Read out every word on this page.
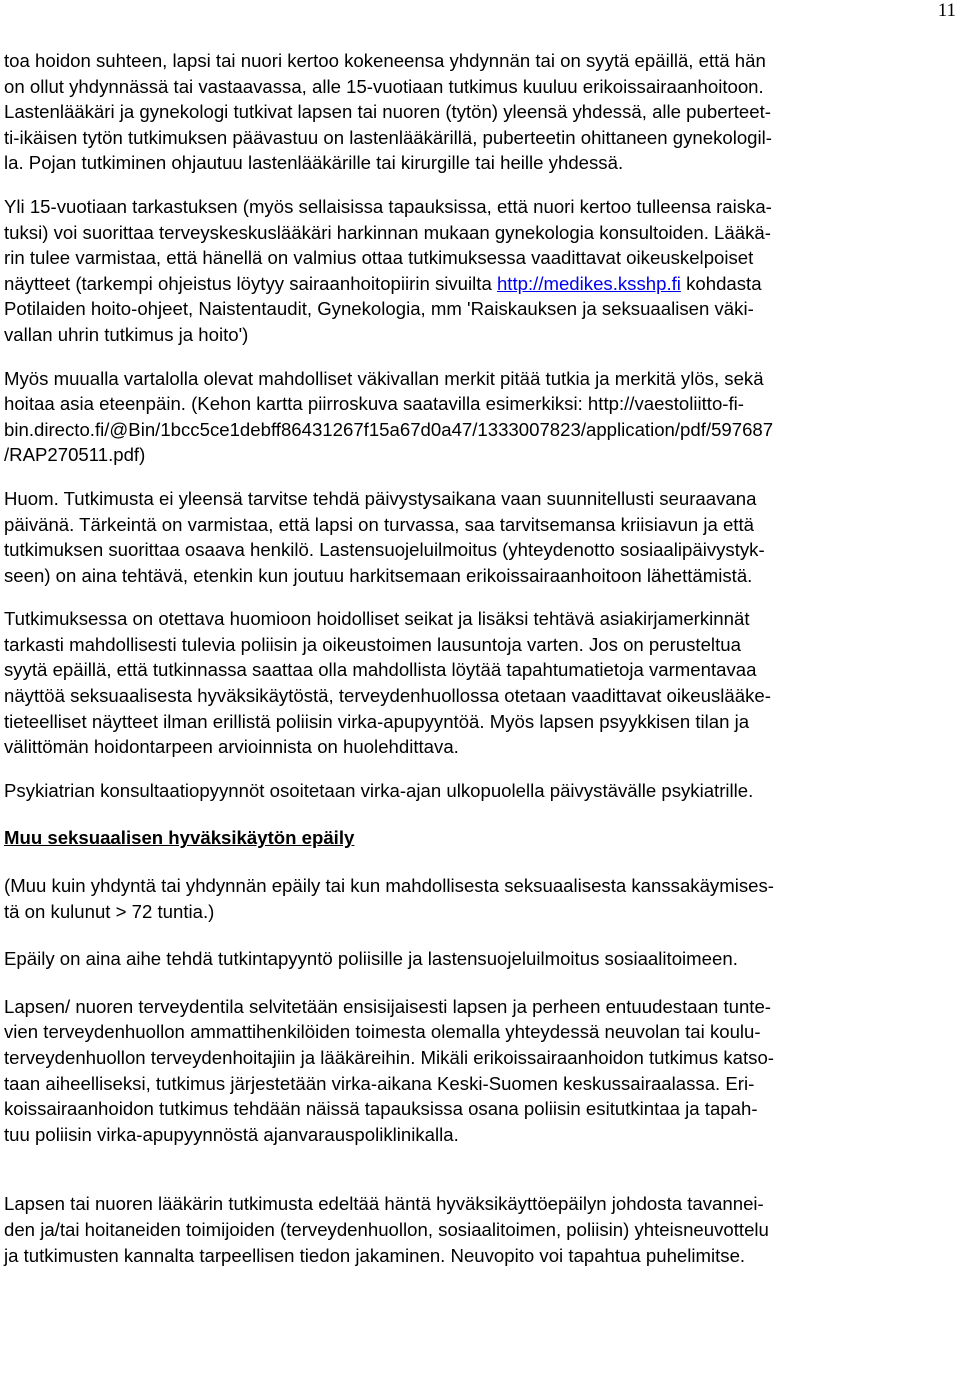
11
toa hoidon suhteen, lapsi tai nuori kertoo kokeneensa yhdynnän tai on syytä epäillä, että hän
on ollut yhdynnässä tai vastaavassa, alle 15-vuotiaan tutkimus kuuluu erikoissairaanhoitoon.
Lastenlääkäri ja gynekologi tutkivat lapsen tai nuoren (tytön) yleensä yhdessä, alle puberteet-
ti-ikäisen tytön tutkimuksen päävastuu on lastenlääkärillä, puberteetin ohittaneen gynekologil-
la. Pojan tutkiminen ohjautuu lastenlääkärille tai kirurgille tai heille yhdessä.
Yli 15-vuotiaan tarkastuksen (myös sellaisissa tapauksissa, että nuori kertoo tulleensa raiska-
tuksi) voi suorittaa terveyskeskuslääkäri harkinnan mukaan gynekologia konsultoiden. Lääkä-
rin tulee varmistaa, että hänellä on valmius ottaa tutkimuksessa vaadittavat oikeuskelpoiset
näytteet (tarkempi ohjeistus löytyy sairaanhoitopiirin sivuilta http://medikes.ksshp.fi kohdasta
Potilaiden hoito-ohjeet, Naistentaudit, Gynekologia, mm 'Raiskauksen ja seksuaalisen väki-
vallan uhrin tutkimus ja hoito')
Myös muualla vartalolla olevat mahdolliset väkivallan merkit pitää tutkia ja merkitä ylös, sekä
hoitaa asia eteenpäin. (Kehon kartta piirroskuva saatavilla esimerkiksi: http://vaestoliitto-fi-
bin.directo.fi/@Bin/1bcc5ce1debff86431267f15a67d0a47/1333007823/application/pdf/597687
/RAP270511.pdf)
Huom. Tutkimusta ei yleensä tarvitse tehdä päivystysaikana vaan suunnitellusti seuraavana
päivänä. Tärkeintä on varmistaa, että lapsi on turvassa, saa tarvitsemansa kriisiavun ja että
tutkimuksen suorittaa osaava henkilö. Lastensuojeluilmoitus (yhteydenotto sosiaalipäivystyk-
seen) on aina tehtävä, etenkin kun joutuu harkitsemaan erikoissairaanhoitoon lähettämistä.
Tutkimuksessa on otettava huomioon hoidolliset seikat ja lisäksi tehtävä asiakirjamerkinnät
tarkasti mahdollisesti tulevia poliisin ja oikeustoimen lausuntoja varten. Jos on perusteltua
syytä epäillä, että tutkinnassa saattaa olla mahdollista löytää tapahtumatietoja varmentavaa
näyttöä seksuaalisesta hyväksikäytöstä, terveydenhuollossa otetaan vaadittavat oikeuslääke-
tieteelliset näytteet ilman erillistä poliisin virka-apupyyntöä. Myös lapsen psyykkisen tilan ja
välittömän hoidontarpeen arvioinnista on huolehdittava.
Psykiatrian konsultaatiopyynnöt osoitetaan virka-ajan ulkopuolella päivystävälle psykiatrille.
Muu seksuaalisen hyväksikäytön epäily
(Muu kuin yhdyntä tai yhdynnän epäily tai kun mahdollisesta seksuaalisesta kanssakäymises-
tä on kulunut > 72 tuntia.)
Epäily on aina aihe tehdä tutkintapyyntö poliisille ja lastensuojeluilmoitus sosiaalitoimeen.
Lapsen/ nuoren terveydentila selvitetään ensisijaisesti lapsen ja perheen entuudestaan tunte-
vien terveydenhuollon ammattihenkilöiden toimesta olemalla yhteydessä neuvolan tai koulu-
terveydenhuollon terveydenhoitajiin ja lääkäreihin. Mikäli erikoissairaanhoidon tutkimus katso-
taan aiheelliseksi, tutkimus järjestetään virka-aikana Keski-Suomen keskussairaalassa. Eri-
koissairaanhoidon tutkimus tehdään näissä tapauksissa osana poliisin esitutkintaa ja tapah-
tuu poliisin virka-apupyynnöstä ajanvarauspoliklinikalla.
Lapsen tai nuoren lääkärin tutkimusta edeltää häntä hyväksikäyttöepäilyn johdosta tavannei-
den ja/tai hoitaneiden toimijoiden (terveydenhuollon, sosiaalitoimen, poliisin) yhteisneuvottelu
ja tutkimusten kannalta tarpeellisen tiedon jakaminen. Neuvopito voi tapahtua puhelimitse.
